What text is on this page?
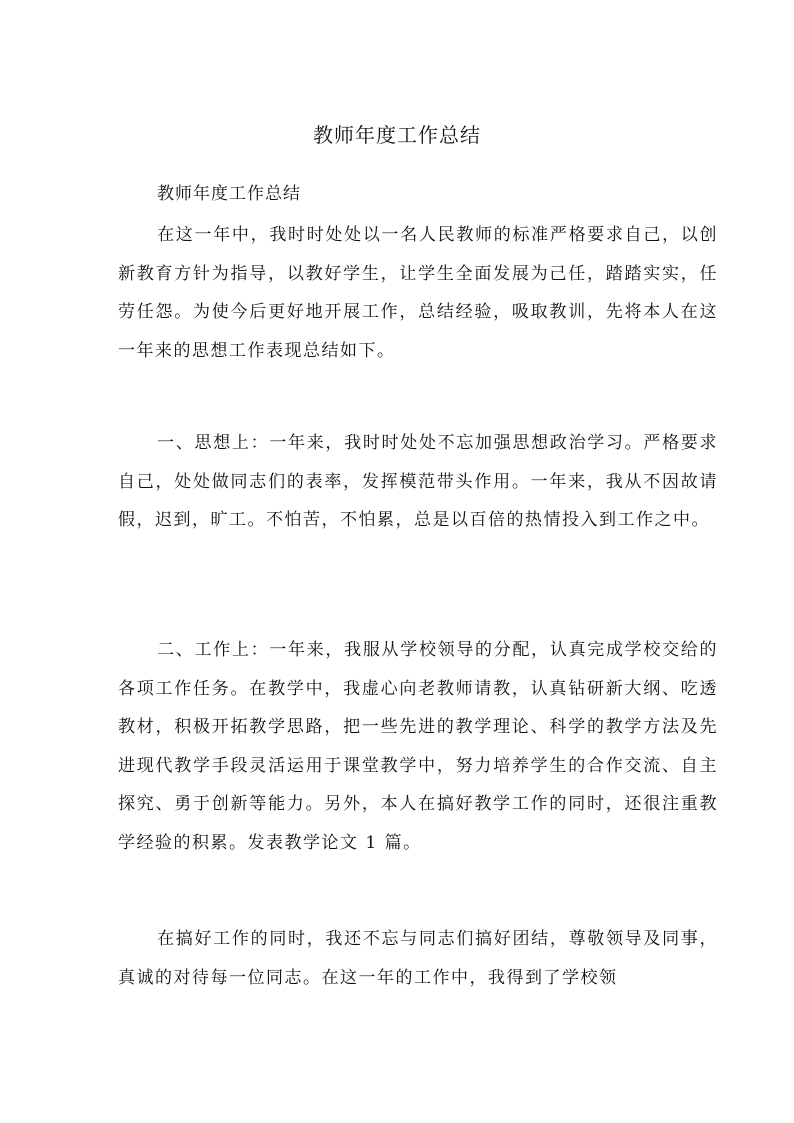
教师年度工作总结
教师年度工作总结

在这一年中，我时时处处以一名人民教师的标准严格要求自己，以创新教育方针为指导，以教好学生，让学生全面发展为己任，踏踏实实，任劳任怨。为使今后更好地开展工作，总结经验，吸取教训，先将本人在这一年来的思想工作表现总结如下。

一、思想上：一年来，我时时处处不忘加强思想政治学习。严格要求自己，处处做同志们的表率，发挥模范带头作用。一年来，我从不因故请假，迟到，旷工。不怕苦，不怕累，总是以百倍的热情投入到工作之中。

二、工作上：一年来，我服从学校领导的分配，认真完成学校交给的各项工作任务。在教学中，我虚心向老教师请教，认真钻研新大纲、吃透教材，积极开拓教学思路，把一些先进的教学理论、科学的教学方法及先进现代教学手段灵活运用于课堂教学中，努力培养学生的合作交流、自主探究、勇于创新等能力。另外，本人在搞好教学工作的同时，还很注重教学经验的积累。发表教学论文 1 篇。

在搞好工作的同时，我还不忘与同志们搞好团结，尊敬领导及同事，真诚的对待每一位同志。在这一年的工作中，我得到了学校领
